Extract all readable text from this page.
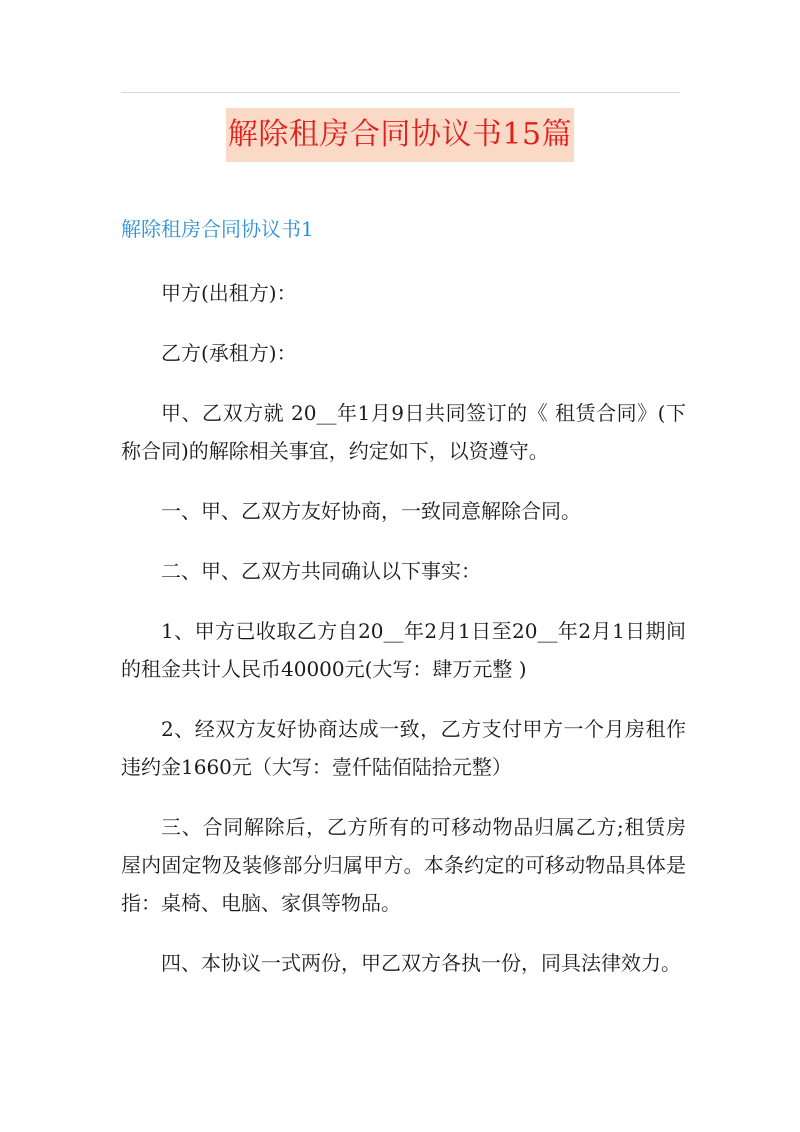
解除租房合同协议书15篇
解除租房合同协议书1

甲方(出租方)：

乙方(承租方)：

甲、乙双方就 20__年1月9日共同签订的《 租赁合同》(下称合同)的解除相关事宜，约定如下，以资遵守。

一、甲、乙双方友好协商，一致同意解除合同。

二、甲、乙双方共同确认以下事实：

1、甲方已收取乙方自20__年2月1日至20__年2月1日期间的租金共计人民币40000元(大写：肆万元整 )

2、经双方友好协商达成一致，乙方支付甲方一个月房租作违约金1660元（大写：壹仟陆佰陆拾元整）

三、合同解除后，乙方所有的可移动物品归属乙方;租赁房屋内固定物及装修部分归属甲方。本条约定的可移动物品具体是指：桌椅、电脑、家俱等物品。

四、本协议一式两份，甲乙双方各执一份，同具法律效力。
